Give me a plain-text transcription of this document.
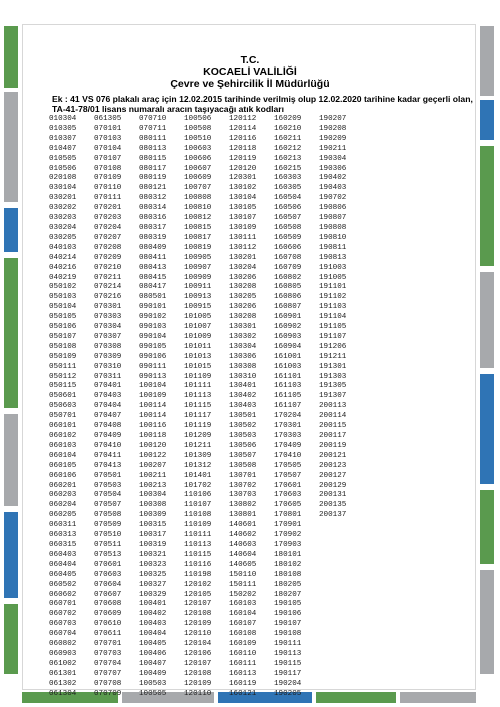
T.C.
KOCAELİ VALİLİĞİ
Çevre ve Şehircilik İl Müdürlüğü
Ek : 41 VS 076 plakalı araç için 12.02.2015 tarihinde verilmiş olup 12.02.2020 tarihine kadar geçerli olan,
TA-41-78/01 lisans numaralı aracın taşıyacağı atık kodları
010304
010305
010307
010407
010505
010506
020108
030104
030201
030202
030203
030204
030205
040103
040214
040216
040219
050102
050103
050104
050105
050106
050107
050108
050109
050111
050112
050115
050601
050603
050701
060101
060102
060103
060104
060105
060106
060201
060203
060204
060205
060311
060313
060315
060403
060404
060405
060502
060602
060701
060702
060703
060704
060802
060903
061002
061301
061302
061304
061305
070101
070103
070104
070107
070108
070109
070110
070111
070201
070203
070204
070207
070208
070209
070210
070211
070214
070216
070301
070303
070304
070307
070308
070309
070310
070311
070401
070403
070404
070407
070408
070409
070410
070411
070413
070501
070503
070504
070507
070508
070509
070510
070511
070513
070601
070603
070604
070607
070608
070609
070610
070611
070701
070703
070704
070707
070708
070709
070710
070711
080111
080113
080115
080117
080119
080121
080312
080314
080316
080317
080319
080409
080411
080413
080415
080417
080501
090101
090102
090103
090104
090105
090106
090111
090113
100104
100109
100114
100114
100116
100118
100120
100122
100207
100211
100213
100304
100308
100309
100315
100317
100319
100321
100323
100325
100327
100329
100401
100402
100403
100404
100405
100406
100407
100409
100503
100505
100506
100508
100510
100603
100606
100607
100609
100707
100808
100810
100812
100815
100817
100819
100905
100907
100909
100911
100913
100915
101005
101007
101009
101011
101013
101015
101109
101111
101113
101115
101117
101119
101209
101211
101309
101312
101401
101702
110106
110107
110108
110109
110111
110113
110115
110116
110198
120102
120105
120107
120108
120109
120110
120104
120106
120107
120108
120109
120110
120112
120114
120116
120118
120119
120120
120301
130102
130104
130105
130107
130109
130111
130112
130201
130204
130206
130208
130205
130206
130208
130301
130302
130304
130306
130308
130310
130401
130402
130403
130501
130502
130503
130506
130507
130508
130701
130702
130703
130802
130801
140601
140602
140603
140604
140605
150110
150111
150202
160103
160104
160107
160108
160109
160110
160111
160113
160119
160121
160209
160210
160211
160212
160213
160215
160303
160305
160504
160506
160507
160508
160509
160606
160708
160709
160802
160805
160806
160807
160901
160902
160903
160904
161001
161003
161101
161103
161105
161107
170204
170301
170303
170409
170410
170505
170507
170601
170603
170605
170801
170901
170902
170903
180101
180102
180108
180205
180207
190105
190106
190107
190108
190111
190113
190115
190117
190204
190205
190207
190208
190209
190211
190304
190306
190402
190403
190702
190806
190807
190808
190810
190811
190813
191003
191005
191101
191102
191103
191104
191105
191107
191206
191211
191301
191303
191305
191307
200113
200114
200115
200117
200119
200121
200123
200127
200129
200131
200135
200137
